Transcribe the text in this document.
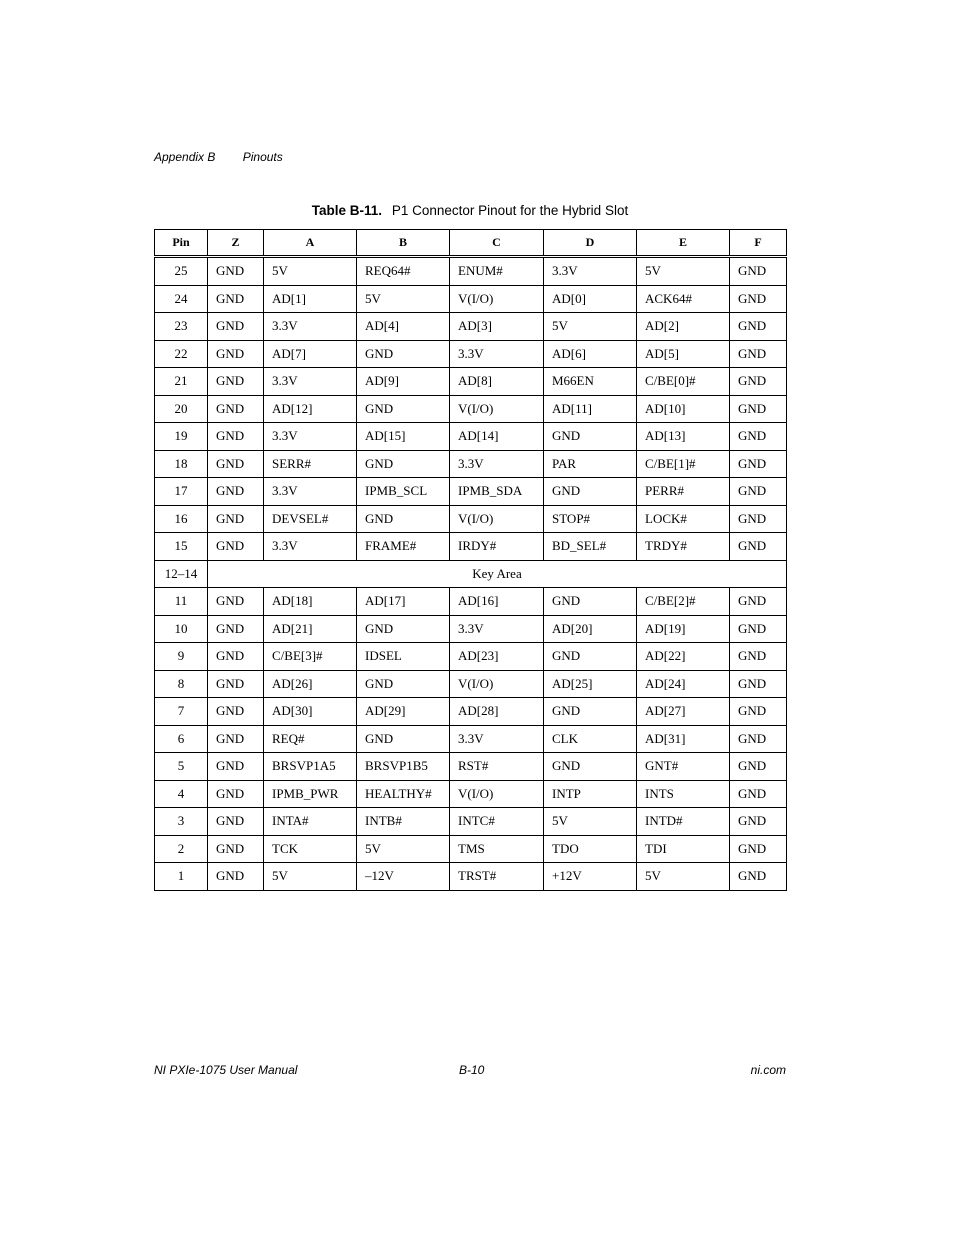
Appendix B Pinouts
Table B-11. P1 Connector Pinout for the Hybrid Slot
Pin	Z	A	B	C	D	E	F
25	GND	5V	REQ64#	ENUM#	3.3V	5V	GND
24	GND	AD[1]	5V	V(I/O)	AD[0]	ACK64#	GND
23	GND	3.3V	AD[4]	AD[3]	5V	AD[2]	GND
22	GND	AD[7]	GND	3.3V	AD[6]	AD[5]	GND
21	GND	3.3V	AD[9]	AD[8]	M66EN	C/BE[0]#	GND
20	GND	AD[12]	GND	V(I/O)	AD[11]	AD[10]	GND
19	GND	3.3V	AD[15]	AD[14]	GND	AD[13]	GND
18	GND	SERR#	GND	3.3V	PAR	C/BE[1]#	GND
17	GND	3.3V	IPMB_SCL	IPMB_SDA	GND	PERR#	GND
16	GND	DEVSEL#	GND	V(I/O)	STOP#	LOCK#	GND
15	GND	3.3V	FRAME#	IRDY#	BD_SEL#	TRDY#	GND
12–14	Key Area						
11	GND	AD[18]	AD[17]	AD[16]	GND	C/BE[2]#	GND
10	GND	AD[21]	GND	3.3V	AD[20]	AD[19]	GND
9	GND	C/BE[3]#	IDSEL	AD[23]	GND	AD[22]	GND
8	GND	AD[26]	GND	V(I/O)	AD[25]	AD[24]	GND
7	GND	AD[30]	AD[29]	AD[28]	GND	AD[27]	GND
6	GND	REQ#	GND	3.3V	CLK	AD[31]	GND
5	GND	BRSVP1A5	BRSVP1B5	RST#	GND	GNT#	GND
4	GND	IPMB_PWR	HEALTHY#	V(I/O)	INTP	INTS	GND
3	GND	INTA#	INTB#	INTC#	5V	INTD#	GND
2	GND	TCK	5V	TMS	TDO	TDI	GND
1	GND	5V	–12V	TRST#	+12V	5V	GND
NI PXIe-1075 User Manual	B-10	ni.com
